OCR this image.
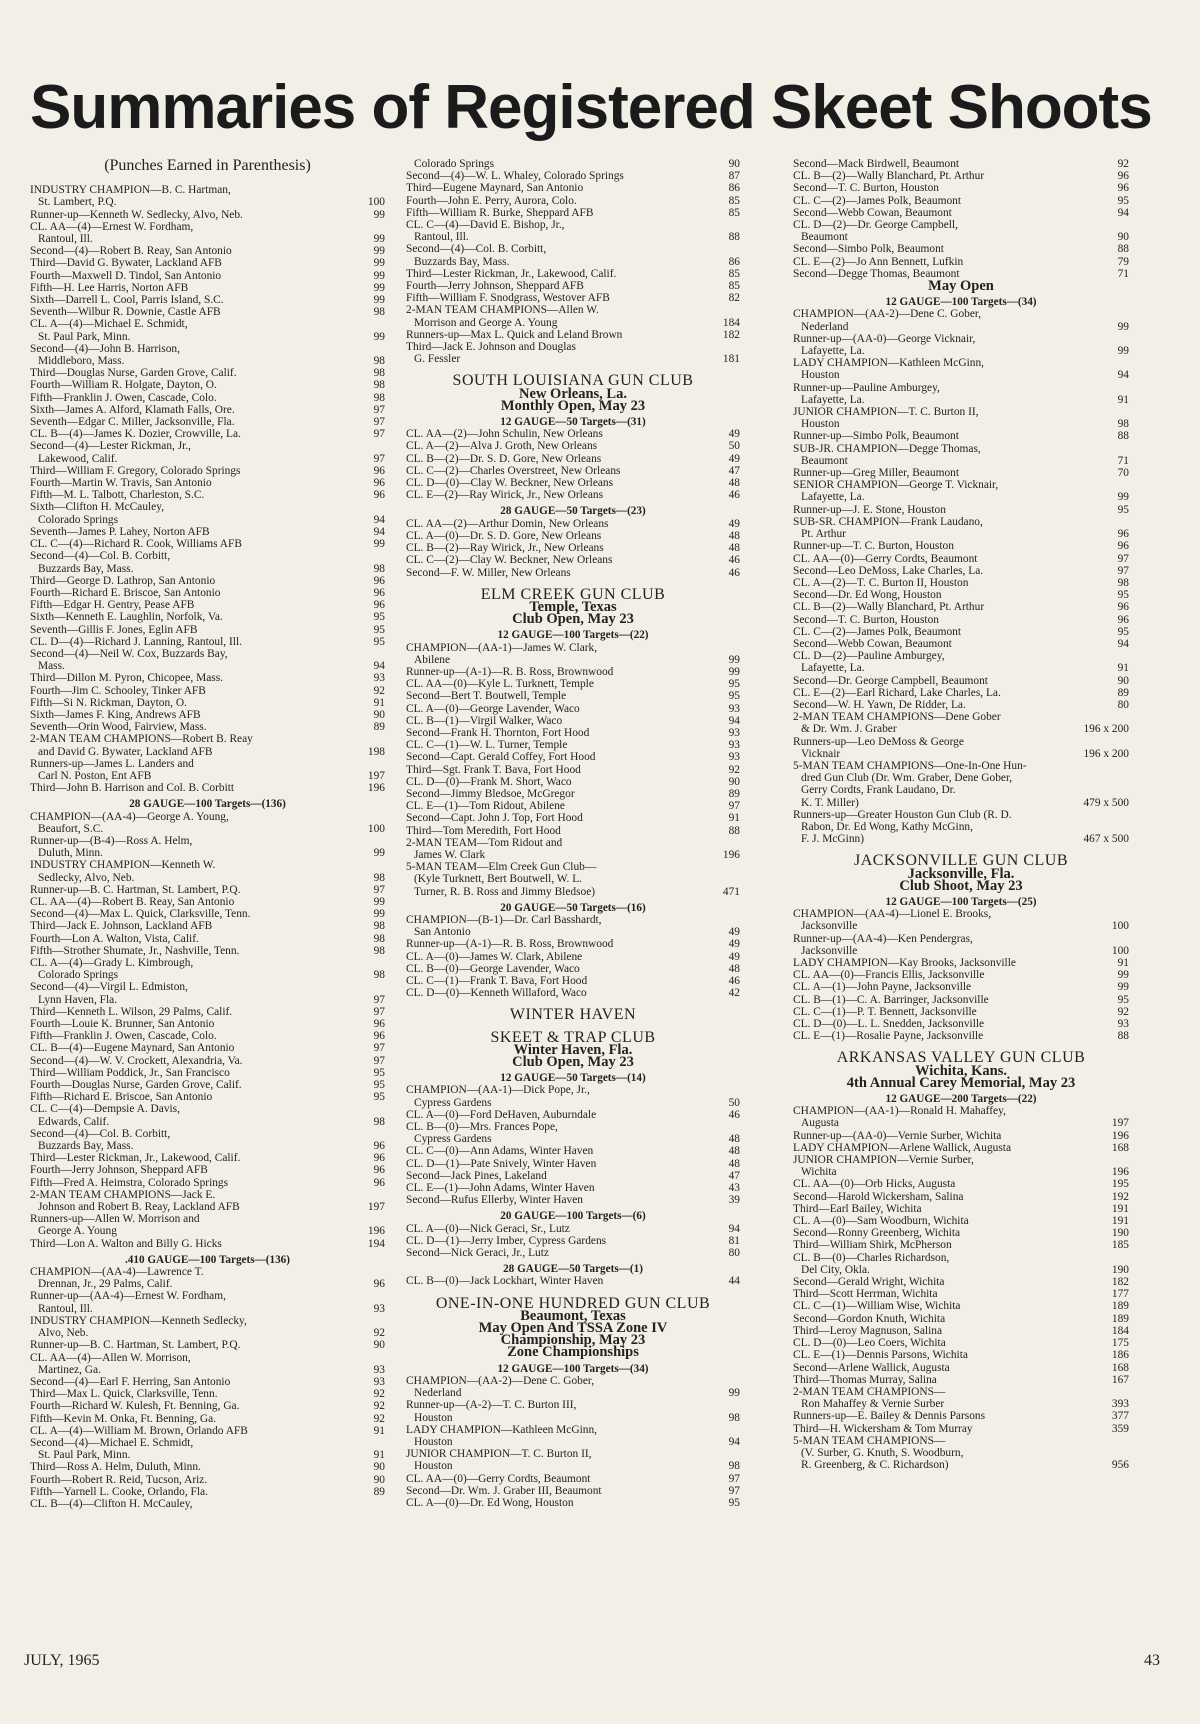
Summaries of Registered Skeet Shoots
(Punches Earned in Parenthesis)
INDUSTRY CHAMPION—B. C. Hartman,
St. Lambert, P.Q.	100
Runner-up—Kenneth W. Sedlecky, Alvo, Neb.	99
CL. AA—(4)—Ernest W. Fordham,
Rantoul, Ill.	99
Second—(4)—Robert B. Reay, San Antonio	99
Third—David G. Bywater, Lackland AFB	99
Fourth—Maxwell D. Tindol, San Antonio	99
Fifth—H. Lee Harris, Norton AFB	99
Sixth—Darrell L. Cool, Parris Island, S.C.	99
Seventh—Wilbur R. Downie, Castle AFB	98
CL. A—(4)—Michael E. Schmidt,
St. Paul Park, Minn.	99
Second—(4)—John B. Harrison,
Middleboro, Mass.	98
Third—Douglas Nurse, Garden Grove, Calif.	98
Fourth—William R. Holgate, Dayton, O.	98
Fifth—Franklin J. Owen, Cascade, Colo.	98
Sixth—James A. Alford, Klamath Falls, Ore.	97
Seventh—Edgar C. Miller, Jacksonville, Fla.	97
CL. B—(4)—James K. Dozier, Crowville, La.	97
Second—(4)—Lester Rickman, Jr.,
Lakewood, Calif.	97
Third—William F. Gregory, Colorado Springs	96
Fourth—Martin W. Travis, San Antonio	96
Fifth—M. L. Talbott, Charleston, S.C.	96
Sixth—Clifton H. McCauley,
Colorado Springs	94
Seventh—James P. Lahey, Norton AFB	94
CL. C—(4)—Richard R. Cook, Williams AFB	99
Second—(4)—Col. B. Corbitt,
Buzzards Bay, Mass.	98
Third—George D. Lathrop, San Antonio	96
Fourth—Richard E. Briscoe, San Antonio	96
Fifth—Edgar H. Gentry, Pease AFB	96
Sixth—Kenneth E. Laughlin, Norfolk, Va.	95
Seventh—Gillis F. Jones, Eglin AFB	95
CL. D—(4)—Richard J. Lanning, Rantoul, Ill.	95
Second—(4)—Neil W. Cox, Buzzards Bay,
Mass.	94
Third—Dillon M. Pyron, Chicopee, Mass.	93
Fourth—Jim C. Schooley, Tinker AFB	92
Fifth—Si N. Rickman, Dayton, O.	91
Sixth—James F. King, Andrews AFB	90
Seventh—Orin Wood, Fairview, Mass.	89
2-MAN TEAM CHAMPIONS—Robert B. Reay
and David G. Bywater, Lackland AFB	198
Runners-up—James L. Landers and
Carl N. Poston, Ent AFB	197
Third—John B. Harrison and Col. B. Corbitt	196
28 GAUGE—100 Targets—(136)
CHAMPION—(AA-4)—George A. Young,
Beaufort, S.C.	100
Runner-up—(B-4)—Ross A. Helm,
Duluth, Minn.	99
INDUSTRY CHAMPION—Kenneth W.
Sedlecky, Alvo, Neb.	98
Runner-up—B. C. Hartman, St. Lambert, P.Q.	97
CL. AA—(4)—Robert B. Reay, San Antonio	99
Second—(4)—Max L. Quick, Clarksville, Tenn.	99
Third—Jack E. Johnson, Lackland AFB	98
Fourth—Lon A. Walton, Vista, Calif.	98
Fifth—Strother Shumate, Jr., Nashville, Tenn.	98
CL. A—(4)—Grady L. Kimbrough,
Colorado Springs	98
Second—(4)—Virgil L. Edmiston,
Lynn Haven, Fla.	97
Third—Kenneth L. Wilson, 29 Palms, Calif.	97
Fourth—Louie K. Brunner, San Antonio	96
Fifth—Franklin J. Owen, Cascade, Colo.	96
CL. B—(4)—Eugene Maynard, San Antonio	97
Second—(4)—W. V. Crockett, Alexandria, Va.	97
Third—William Poddick, Jr., San Francisco	95
Fourth—Douglas Nurse, Garden Grove, Calif.	95
Fifth—Richard E. Briscoe, San Antonio	95
CL. C—(4)—Dempsie A. Davis,
Edwards, Calif.	98
Second—(4)—Col. B. Corbitt,
Buzzards Bay, Mass.	96
Third—Lester Rickman, Jr., Lakewood, Calif.	96
Fourth—Jerry Johnson, Sheppard AFB	96
Fifth—Fred A. Heimstra, Colorado Springs	96
2-MAN TEAM CHAMPIONS—Jack E.
Johnson and Robert B. Reay, Lackland AFB	197
Runners-up—Allen W. Morrison and
George A. Young	196
Third—Lon A. Walton and Billy G. Hicks	194
.410 GAUGE—100 Targets—(136)
CHAMPION—(AA-4)—Lawrence T.
Drennan, Jr., 29 Palms, Calif.	96
Runner-up—(AA-4)—Ernest W. Fordham,
Rantoul, Ill.	93
INDUSTRY CHAMPION—Kenneth Sedlecky,
Alvo, Neb.	92
Runner-up—B. C. Hartman, St. Lambert, P.Q.	90
CL. AA—(4)—Allen W. Morrison,
Martinez, Ga.	93
Second—(4)—Earl F. Herring, San Antonio	93
Third—Max L. Quick, Clarksville, Tenn.	92
Fourth—Richard W. Kulesh, Ft. Benning, Ga.	92
Fifth—Kevin M. Onka, Ft. Benning, Ga.	92
CL. A—(4)—William M. Brown, Orlando AFB	91
Second—(4)—Michael E. Schmidt,
St. Paul Park, Minn.	91
Third—Ross A. Helm, Duluth, Minn.	90
Fourth—Robert R. Reid, Tucson, Ariz.	90
Fifth—Yarnell L. Cooke, Orlando, Fla.	89
CL. B—(4)—Clifton H. McCauley,
Colorado Springs	90
Second—(4)—W. L. Whaley, Colorado Springs	87
Third—Eugene Maynard, San Antonio	86
Fourth—John E. Perry, Aurora, Colo.	85
Fifth—William R. Burke, Sheppard AFB	85
CL. C—(4)—David E. Bishop, Jr.,
Rantoul, Ill.	88
Second—(4)—Col. B. Corbitt,
Buzzards Bay, Mass.	86
Third—Lester Rickman, Jr., Lakewood, Calif.	85
Fourth—Jerry Johnson, Sheppard AFB	85
Fifth—William F. Snodgrass, Westover AFB	82
2-MAN TEAM CHAMPIONS—Allen W.
Morrison and George A. Young	184
Runners-up—Max L. Quick and Leland Brown	182
Third—Jack E. Johnson and Douglas
G. Fessler	181
SOUTH LOUISIANA GUN CLUB
New Orleans, La.
Monthly Open, May 23
12 GAUGE—50 Targets—(31)
CL. AA—(2)—John Schulin, New Orleans	49
CL. A—(2)—Alva J. Groth, New Orleans	50
CL. B—(2)—Dr. S. D. Gore, New Orleans	49
CL. C—(2)—Charles Overstreet, New Orleans	47
CL. D—(0)—Clay W. Beckner, New Orleans	48
CL. E—(2)—Ray Wirick, Jr., New Orleans	46
28 GAUGE—50 Targets—(23)
CL. AA—(2)—Arthur Domin, New Orleans	49
CL. A—(0)—Dr. S. D. Gore, New Orleans	48
CL. B—(2)—Ray Wirick, Jr., New Orleans	48
CL. C—(2)—Clay W. Beckner, New Orleans	46
Second—F. W. Miller, New Orleans	46
ELM CREEK GUN CLUB
Temple, Texas
Club Open, May 23
12 GAUGE—100 Targets—(22)
CHAMPION—(AA-1)—James W. Clark,
Abilene	99
Runner-up—(A-1)—R. B. Ross, Brownwood	99
CL. AA—(0)—Kyle L. Turknett, Temple	95
Second—Bert T. Boutwell, Temple	95
CL. A—(0)—George Lavender, Waco	93
CL. B—(1)—Virgil Walker, Waco	94
Second—Frank H. Thornton, Fort Hood	93
CL. C—(1)—W. L. Turner, Temple	93
Second—Capt. Gerald Coffey, Fort Hood	93
Third—Sgt. Frank T. Bava, Fort Hood	92
CL. D—(0)—Frank M. Short, Waco	90
Second—Jimmy Bledsoe, McGregor	89
CL. E—(1)—Tom Ridout, Abilene	97
Second—Capt. John J. Top, Fort Hood	91
Third—Tom Meredith, Fort Hood	88
2-MAN TEAM—Tom Ridout and
James W. Clark	196
5-MAN TEAM—Elm Creek Gun Club—
(Kyle Turknett, Bert Boutwell, W. L.
Turner, R. B. Ross and Jimmy Bledsoe)	471
20 GAUGE—50 Targets—(16)
CHAMPION—(B-1)—Dr. Carl Basshardt,
San Antonio	49
Runner-up—(A-1)—R. B. Ross, Brownwood	49
CL. A—(0)—James W. Clark, Abilene	49
CL. B—(0)—George Lavender, Waco	48
CL. C—(1)—Frank T. Bava, Fort Hood	46
CL. D—(0)—Kenneth Willaford, Waco	42
WINTER HAVEN
SKEET & TRAP CLUB
Winter Haven, Fla.
Club Open, May 23
12 GAUGE—50 Targets—(14)
CHAMPION—(AA-1)—Dick Pope, Jr.,
Cypress Gardens	50
CL. A—(0)—Ford DeHaven, Auburndale	46
CL. B—(0)—Mrs. Frances Pope,
Cypress Gardens	48
CL. C—(0)—Ann Adams, Winter Haven	48
CL. D—(1)—Pate Snively, Winter Haven	48
Second—Jack Pines, Lakeland	47
CL. E—(1)—John Adams, Winter Haven	43
Second—Rufus Ellerby, Winter Haven	39
20 GAUGE—100 Targets—(6)
CL. A—(0)—Nick Geraci, Sr., Lutz	94
CL. D—(1)—Jerry Imber, Cypress Gardens	81
Second—Nick Geraci, Jr., Lutz	80
28 GAUGE—50 Targets—(1)
CL. B—(0)—Jack Lockhart, Winter Haven	44
ONE-IN-ONE HUNDRED GUN CLUB
Beaumont, Texas
May Open And TSSA Zone IV
Championship, May 23
Zone Championships
12 GAUGE—100 Targets—(34)
CHAMPION—(AA-2)—Dene C. Gober,
Nederland	99
Runner-up—(A-2)—T. C. Burton III,
Houston	98
LADY CHAMPION—Kathleen McGinn,
Houston	94
JUNIOR CHAMPION—T. C. Burton II,
Houston	98
CL. AA—(0)—Gerry Cordts, Beaumont	97
Second—Dr. Wm. J. Graber III, Beaumont	97
CL. A—(0)—Dr. Ed Wong, Houston	95
Second—Mack Birdwell, Beaumont	92
CL. B—(2)—Wally Blanchard, Pt. Arthur	96
Second—T. C. Burton, Houston	96
CL. C—(2)—James Polk, Beaumont	95
Second—Webb Cowan, Beaumont	94
CL. D—(2)—Dr. George Campbell,
Beaumont	90
Second—Simbo Polk, Beaumont	88
CL. E—(2)—Jo Ann Bennett, Lufkin	79
Second—Degge Thomas, Beaumont	71
May Open
12 GAUGE—100 Targets—(34)
CHAMPION—(AA-2)—Dene C. Gober,
Nederland	99
Runner-up—(AA-0)—George Vicknair,
Lafayette, La.	99
LADY CHAMPION—Kathleen McGinn,
Houston	94
Runner-up—Pauline Amburgey,
Lafayette, La.	91
JUNIOR CHAMPION—T. C. Burton II,
Houston	98
Runner-up—Simbo Polk, Beaumont	88
SUB-JR. CHAMPION—Degge Thomas,
Beaumont	71
Runner-up—Greg Miller, Beaumont	70
SENIOR CHAMPION—George T. Vicknair,
Lafayette, La.	99
Runner-up—J. E. Stone, Houston	95
SUB-SR. CHAMPION—Frank Laudano,
Pt. Arthur	96
Runner-up—T. C. Burton, Houston	96
CL. AA—(0)—Gerry Cordts, Beaumont	97
Second—Leo DeMoss, Lake Charles, La.	97
CL. A—(2)—T. C. Burton II, Houston	98
Second—Dr. Ed Wong, Houston	95
CL. B—(2)—Wally Blanchard, Pt. Arthur	96
Second—T. C. Burton, Houston	96
CL. C—(2)—James Polk, Beaumont	95
Second—Webb Cowan, Beaumont	94
CL. D—(2)—Pauline Amburgey,
Lafayette, La.	91
Second—Dr. George Campbell, Beaumont	90
CL. E—(2)—Earl Richard, Lake Charles, La.	89
Second—W. H. Yawn, De Ridder, La.	80
2-MAN TEAM CHAMPIONS—Dene Gober
& Dr. Wm. J. Graber	196 x 200
Runners-up—Leo DeMoss & George
Vicknair	196 x 200
5-MAN TEAM CHAMPIONS—One-In-One Hun-
dred Gun Club (Dr. Wm. Graber, Dene Gober,
Gerry Cordts, Frank Laudano, Dr.
K. T. Miller)	479 x 500
Runners-up—Greater Houston Gun Club (R. D.
Rabon, Dr. Ed Wong, Kathy McGinn,
F. J. McGinn)	467 x 500
JACKSONVILLE GUN CLUB
Jacksonville, Fla.
Club Shoot, May 23
12 GAUGE—100 Targets—(25)
CHAMPION—(AA-4)—Lionel E. Brooks,
Jacksonville	100
Runner-up—(AA-4)—Ken Pendergras,
Jacksonville	100
LADY CHAMPION—Kay Brooks, Jacksonville	91
CL. AA—(0)—Francis Ellis, Jacksonville	99
CL. A—(1)—John Payne, Jacksonville	99
CL. B—(1)—C. A. Barringer, Jacksonville	95
CL. C—(1)—P. T. Bennett, Jacksonville	92
CL. D—(0)—L. L. Snedden, Jacksonville	93
CL. E—(1)—Rosalie Payne, Jacksonville	88
ARKANSAS VALLEY GUN CLUB
Wichita, Kans.
4th Annual Carey Memorial, May 23
12 GAUGE—200 Targets—(22)
CHAMPION—(AA-1)—Ronald H. Mahaffey,
Augusta	197
Runner-up—(AA-0)—Vernie Surber, Wichita	196
LADY CHAMPION—Arlene Wallick, Augusta	168
JUNIOR CHAMPION—Vernie Surber,
Wichita	196
CL. AA—(0)—Orb Hicks, Augusta	195
Second—Harold Wickersham, Salina	192
Third—Earl Bailey, Wichita	191
CL. A—(0)—Sam Woodburn, Wichita	191
Second—Ronny Greenberg, Wichita	190
Third—William Shirk, McPherson	185
CL. B—(0)—Charles Richardson,
Del City, Okla.	190
Second—Gerald Wright, Wichita	182
Third—Scott Herrman, Wichita	177
CL. C—(1)—William Wise, Wichita	189
Second—Gordon Knuth, Wichita	189
Third—Leroy Magnuson, Salina	184
CL. D—(0)—Leo Coers, Wichita	175
CL. E—(1)—Dennis Parsons, Wichita	186
Second—Arlene Wallick, Augusta	168
Third—Thomas Murray, Salina	167
2-MAN TEAM CHAMPIONS—
Ron Mahaffey & Vernie Surber	393
Runners-up—E. Bailey & Dennis Parsons	377
Third—H. Wickersham & Tom Murray	359
5-MAN TEAM CHAMPIONS—
(V. Surber, G. Knuth, S. Woodburn,
R. Greenberg, & C. Richardson)	956
JULY, 1965	43
